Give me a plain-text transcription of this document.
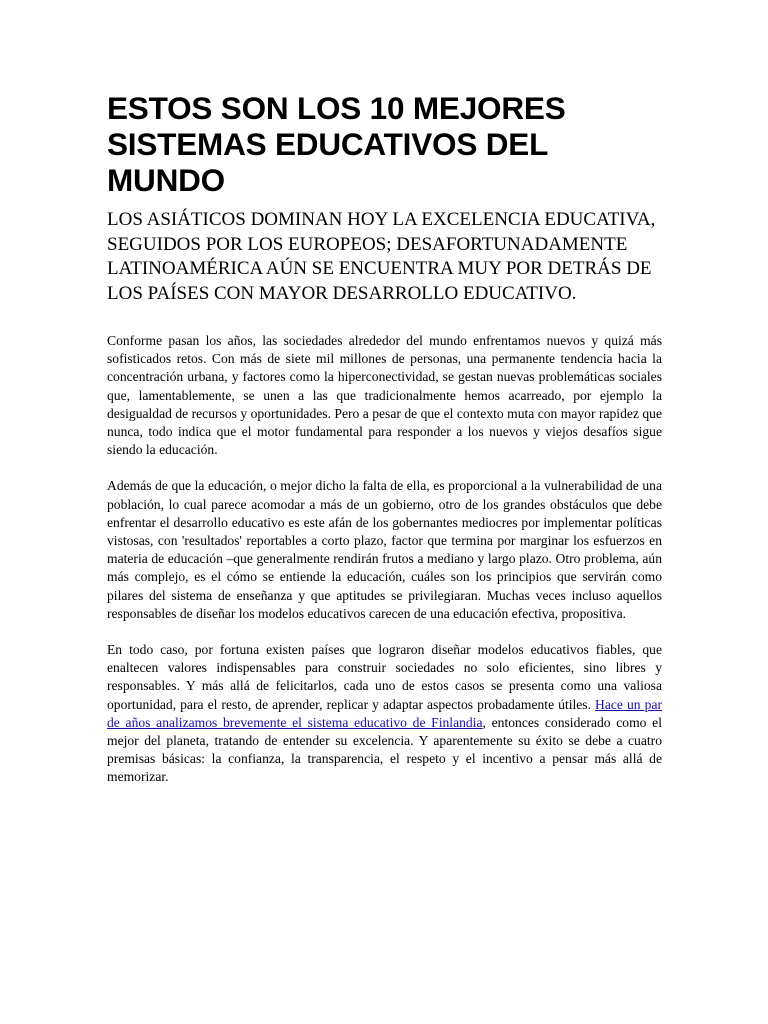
ESTOS SON LOS 10 MEJORES SISTEMAS EDUCATIVOS DEL MUNDO
LOS ASIÁTICOS DOMINAN HOY LA EXCELENCIA EDUCATIVA, SEGUIDOS POR LOS EUROPEOS; DESAFORTUNADAMENTE LATINOAMÉRICA AÚN SE ENCUENTRA MUY POR DETRÁS DE LOS PAÍSES CON MAYOR DESARROLLO EDUCATIVO.

Conforme pasan los años, las sociedades alrededor del mundo enfrentamos nuevos y quizá más sofisticados retos. Con más de siete mil millones de personas, una permanente tendencia hacia la concentración urbana, y factores como la hiperconectividad, se gestan nuevas problemáticas sociales que, lamentablemente, se unen a las que tradicionalmente hemos acarreado, por ejemplo la desigualdad de recursos y oportunidades. Pero a pesar de que el contexto muta con mayor rapidez que nunca, todo indica que el motor fundamental para responder a los nuevos y viejos desafíos sigue siendo la educación.

Además de que la educación, o mejor dicho la falta de ella, es proporcional a la vulnerabilidad de una población, lo cual parece acomodar a más de un gobierno, otro de los grandes obstáculos que debe enfrentar el desarrollo educativo es este afán de los gobernantes mediocres por implementar políticas vistosas, con 'resultados' reportables a corto plazo, factor que termina por marginar los esfuerzos en materia de educación –que generalmente rendirán frutos a mediano y largo plazo. Otro problema, aún más complejo, es el cómo se entiende la educación, cuáles son los principios que servirán como pilares del sistema de enseñanza y que aptitudes se privilegiaran. Muchas veces incluso aquellos responsables de diseñar los modelos educativos carecen de una educación efectiva, propositiva.

En todo caso, por fortuna existen países que lograron diseñar modelos educativos fiables, que enaltecen valores indispensables para construir sociedades no solo eficientes, sino libres y responsables. Y más allá de felicitarlos, cada uno de estos casos se presenta como una valiosa oportunidad, para el resto, de aprender, replicar y adaptar aspectos probadamente útiles. Hace un par de años analizamos brevemente el sistema educativo de Finlandia, entonces considerado como el mejor del planeta, tratando de entender su excelencia. Y aparentemente su éxito se debe a cuatro premisas básicas: la confianza, la transparencia, el respeto y el incentivo a pensar más allá de memorizar.
